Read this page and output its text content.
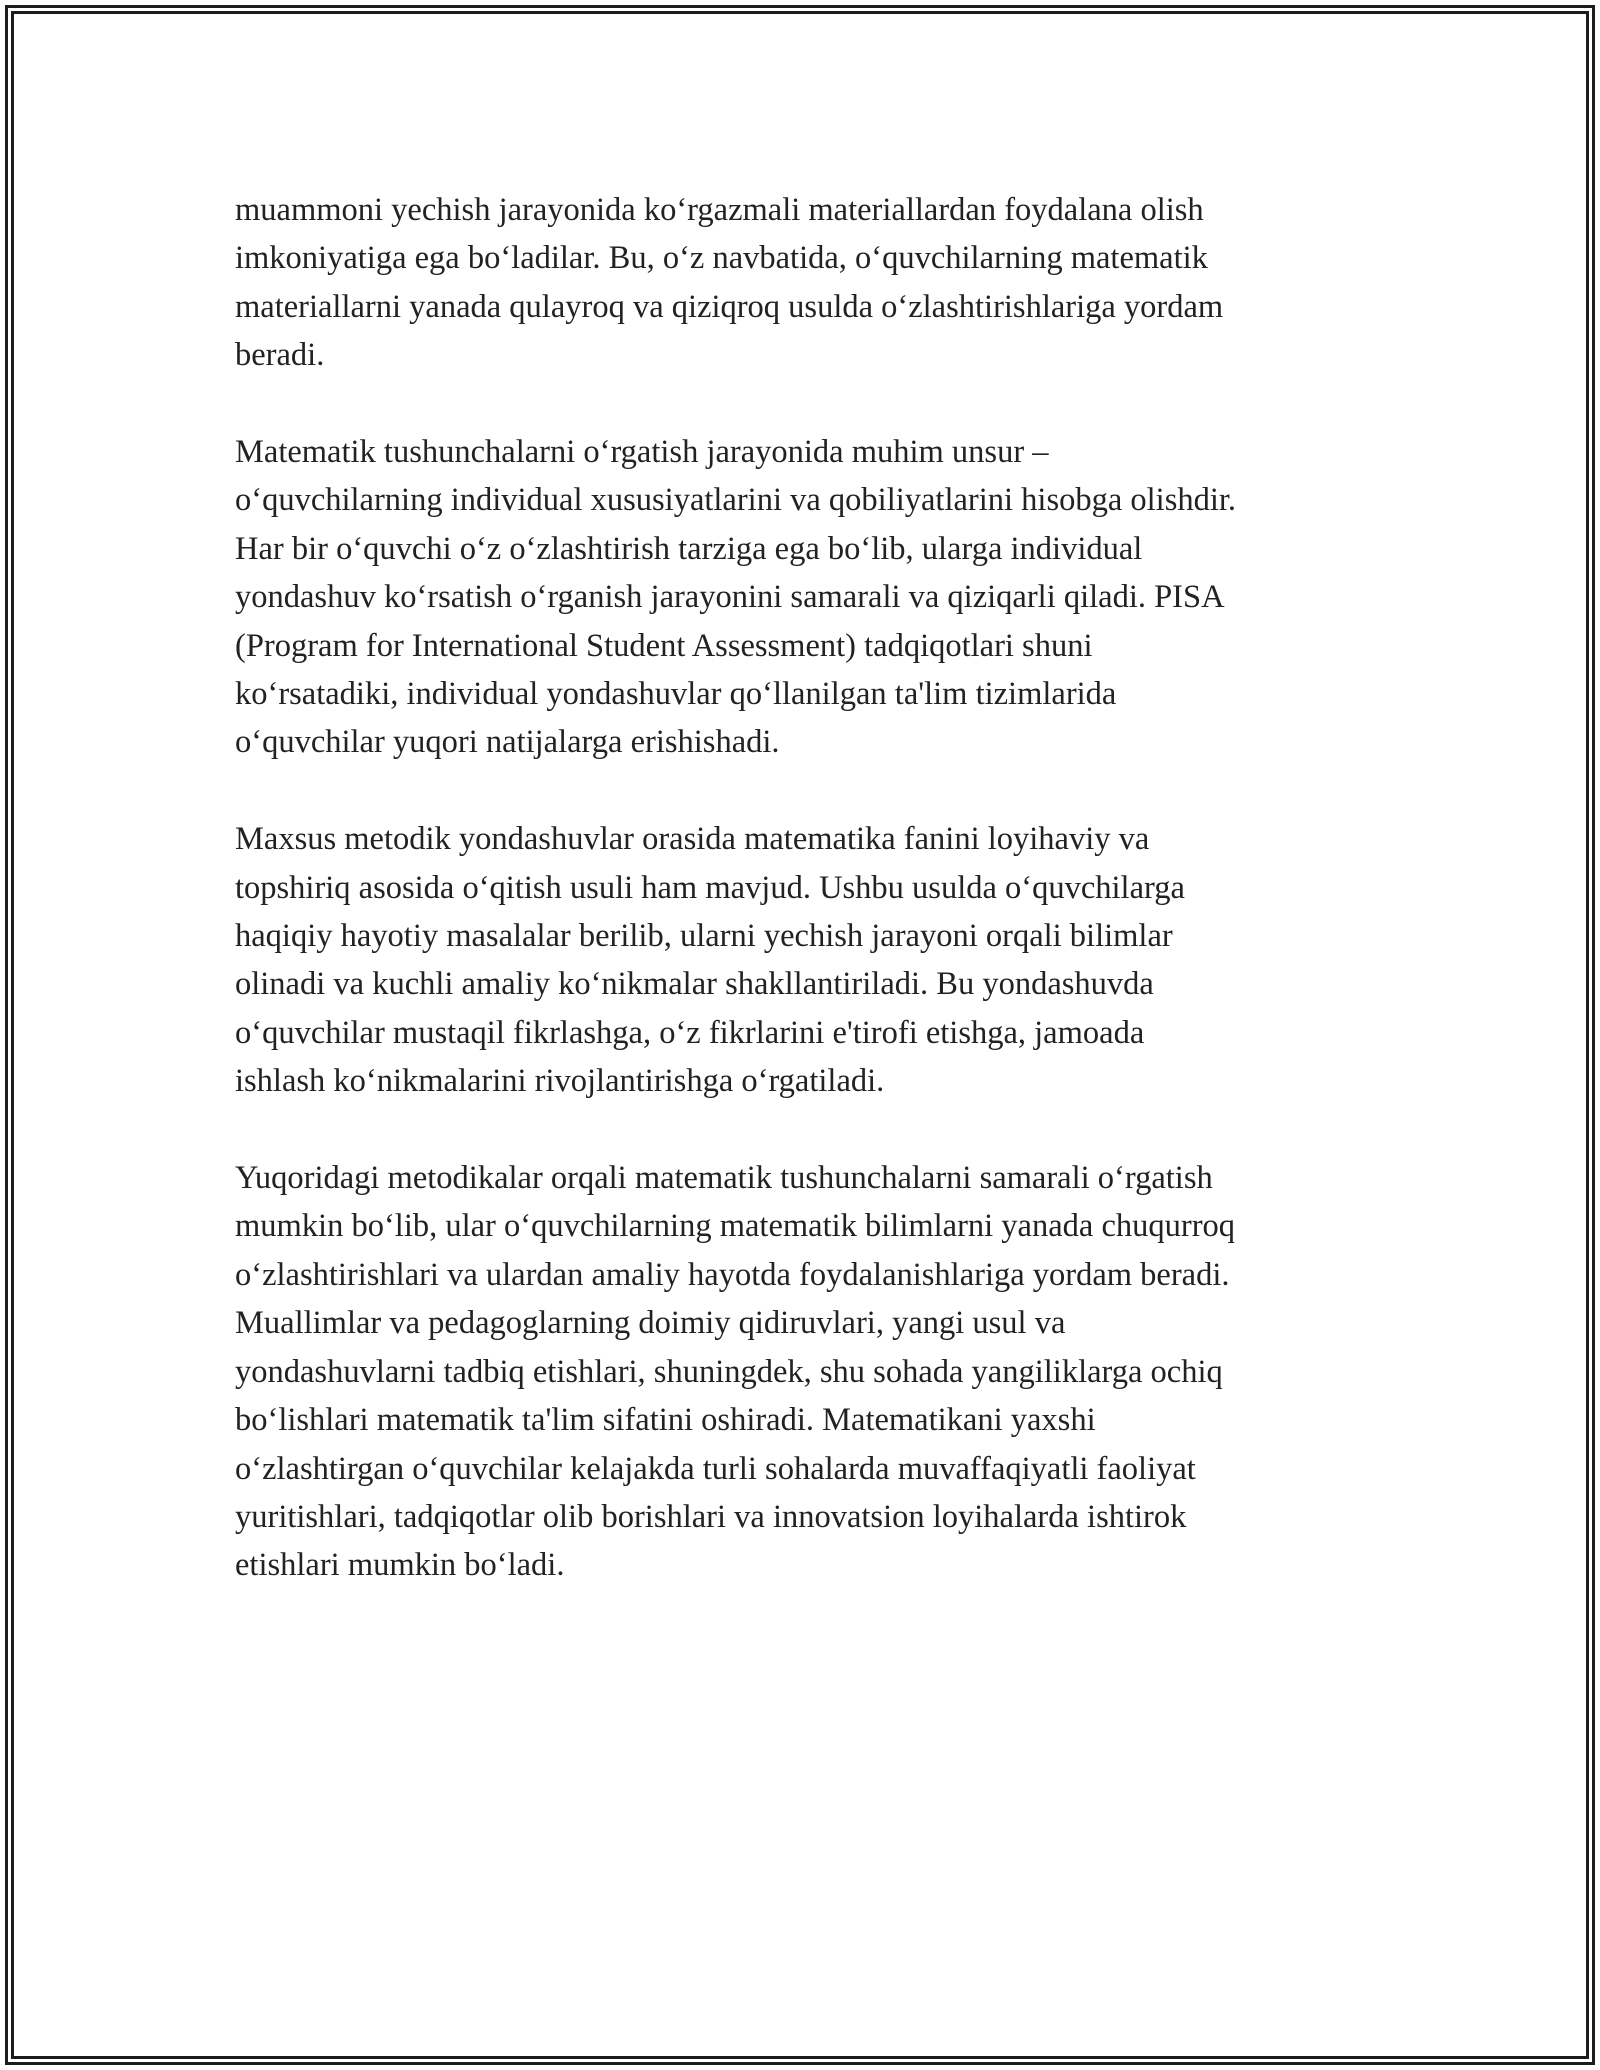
muammoni yechish jarayonida koʻrgazmali materiallardan foydalana olish
imkoniyatiga ega boʻladilar. Bu, oʻz navbatida, oʻquvchilarning matematik
materiallarni yanada qulayroq va qiziqroq usulda oʻzlashtirishlariga yordam
beradi.

Matematik tushunchalarni oʻrgatish jarayonida muhim unsur –
oʻquvchilarning individual xususiyatlarini va qobiliyatlarini hisobga olishdir.
Har bir oʻquvchi oʻz oʻzlashtirish tarziga ega boʻlib, ularga individual
yondashuv koʻrsatish oʻrganish jarayonini samarali va qiziqarli qiladi. PISA
(Program for International Student Assessment) tadqiqotlari shuni
koʻrsatadiki, individual yondashuvlar qoʻllanilgan ta'lim tizimlarida
oʻquvchilar yuqori natijalarga erishishadi.

Maxsus metodik yondashuvlar orasida matematika fanini loyihaviy va
topshiriq asosida oʻqitish usuli ham mavjud. Ushbu usulda oʻquvchilarga
haqiqiy hayotiy masalalar berilib, ularni yechish jarayoni orqali bilimlar
olinadi va kuchli amaliy koʻnikmalar shakllantiriladi. Bu yondashuvda
oʻquvchilar mustaqil fikrlashga, oʻz fikrlarini e'tirofi etishga, jamoada
ishlash koʻnikmalarini rivojlantirishga oʻrgatiladi.

Yuqoridagi metodikalar orqali matematik tushunchalarni samarali oʻrgatish
mumkin boʻlib, ular oʻquvchilarning matematik bilimlarni yanada chuqurroq
oʻzlashtirishlari va ulardan amaliy hayotda foydalanishlariga yordam beradi.
Muallimlar va pedagoglarning doimiy qidiruvlari, yangi usul va
yondashuvlarni tadbiq etishlari, shuningdek, shu sohada yangiliklarga ochiq
boʻlishlari matematik ta'lim sifatini oshiradi. Matematikani yaxshi
oʻzlashtirgan oʻquvchilar kelajakda turli sohalarda muvaffaqiyatli faoliyat
yuritishlari, tadqiqotlar olib borishlari va innovatsion loyihalarda ishtirok
etishlari mumkin boʻladi.
